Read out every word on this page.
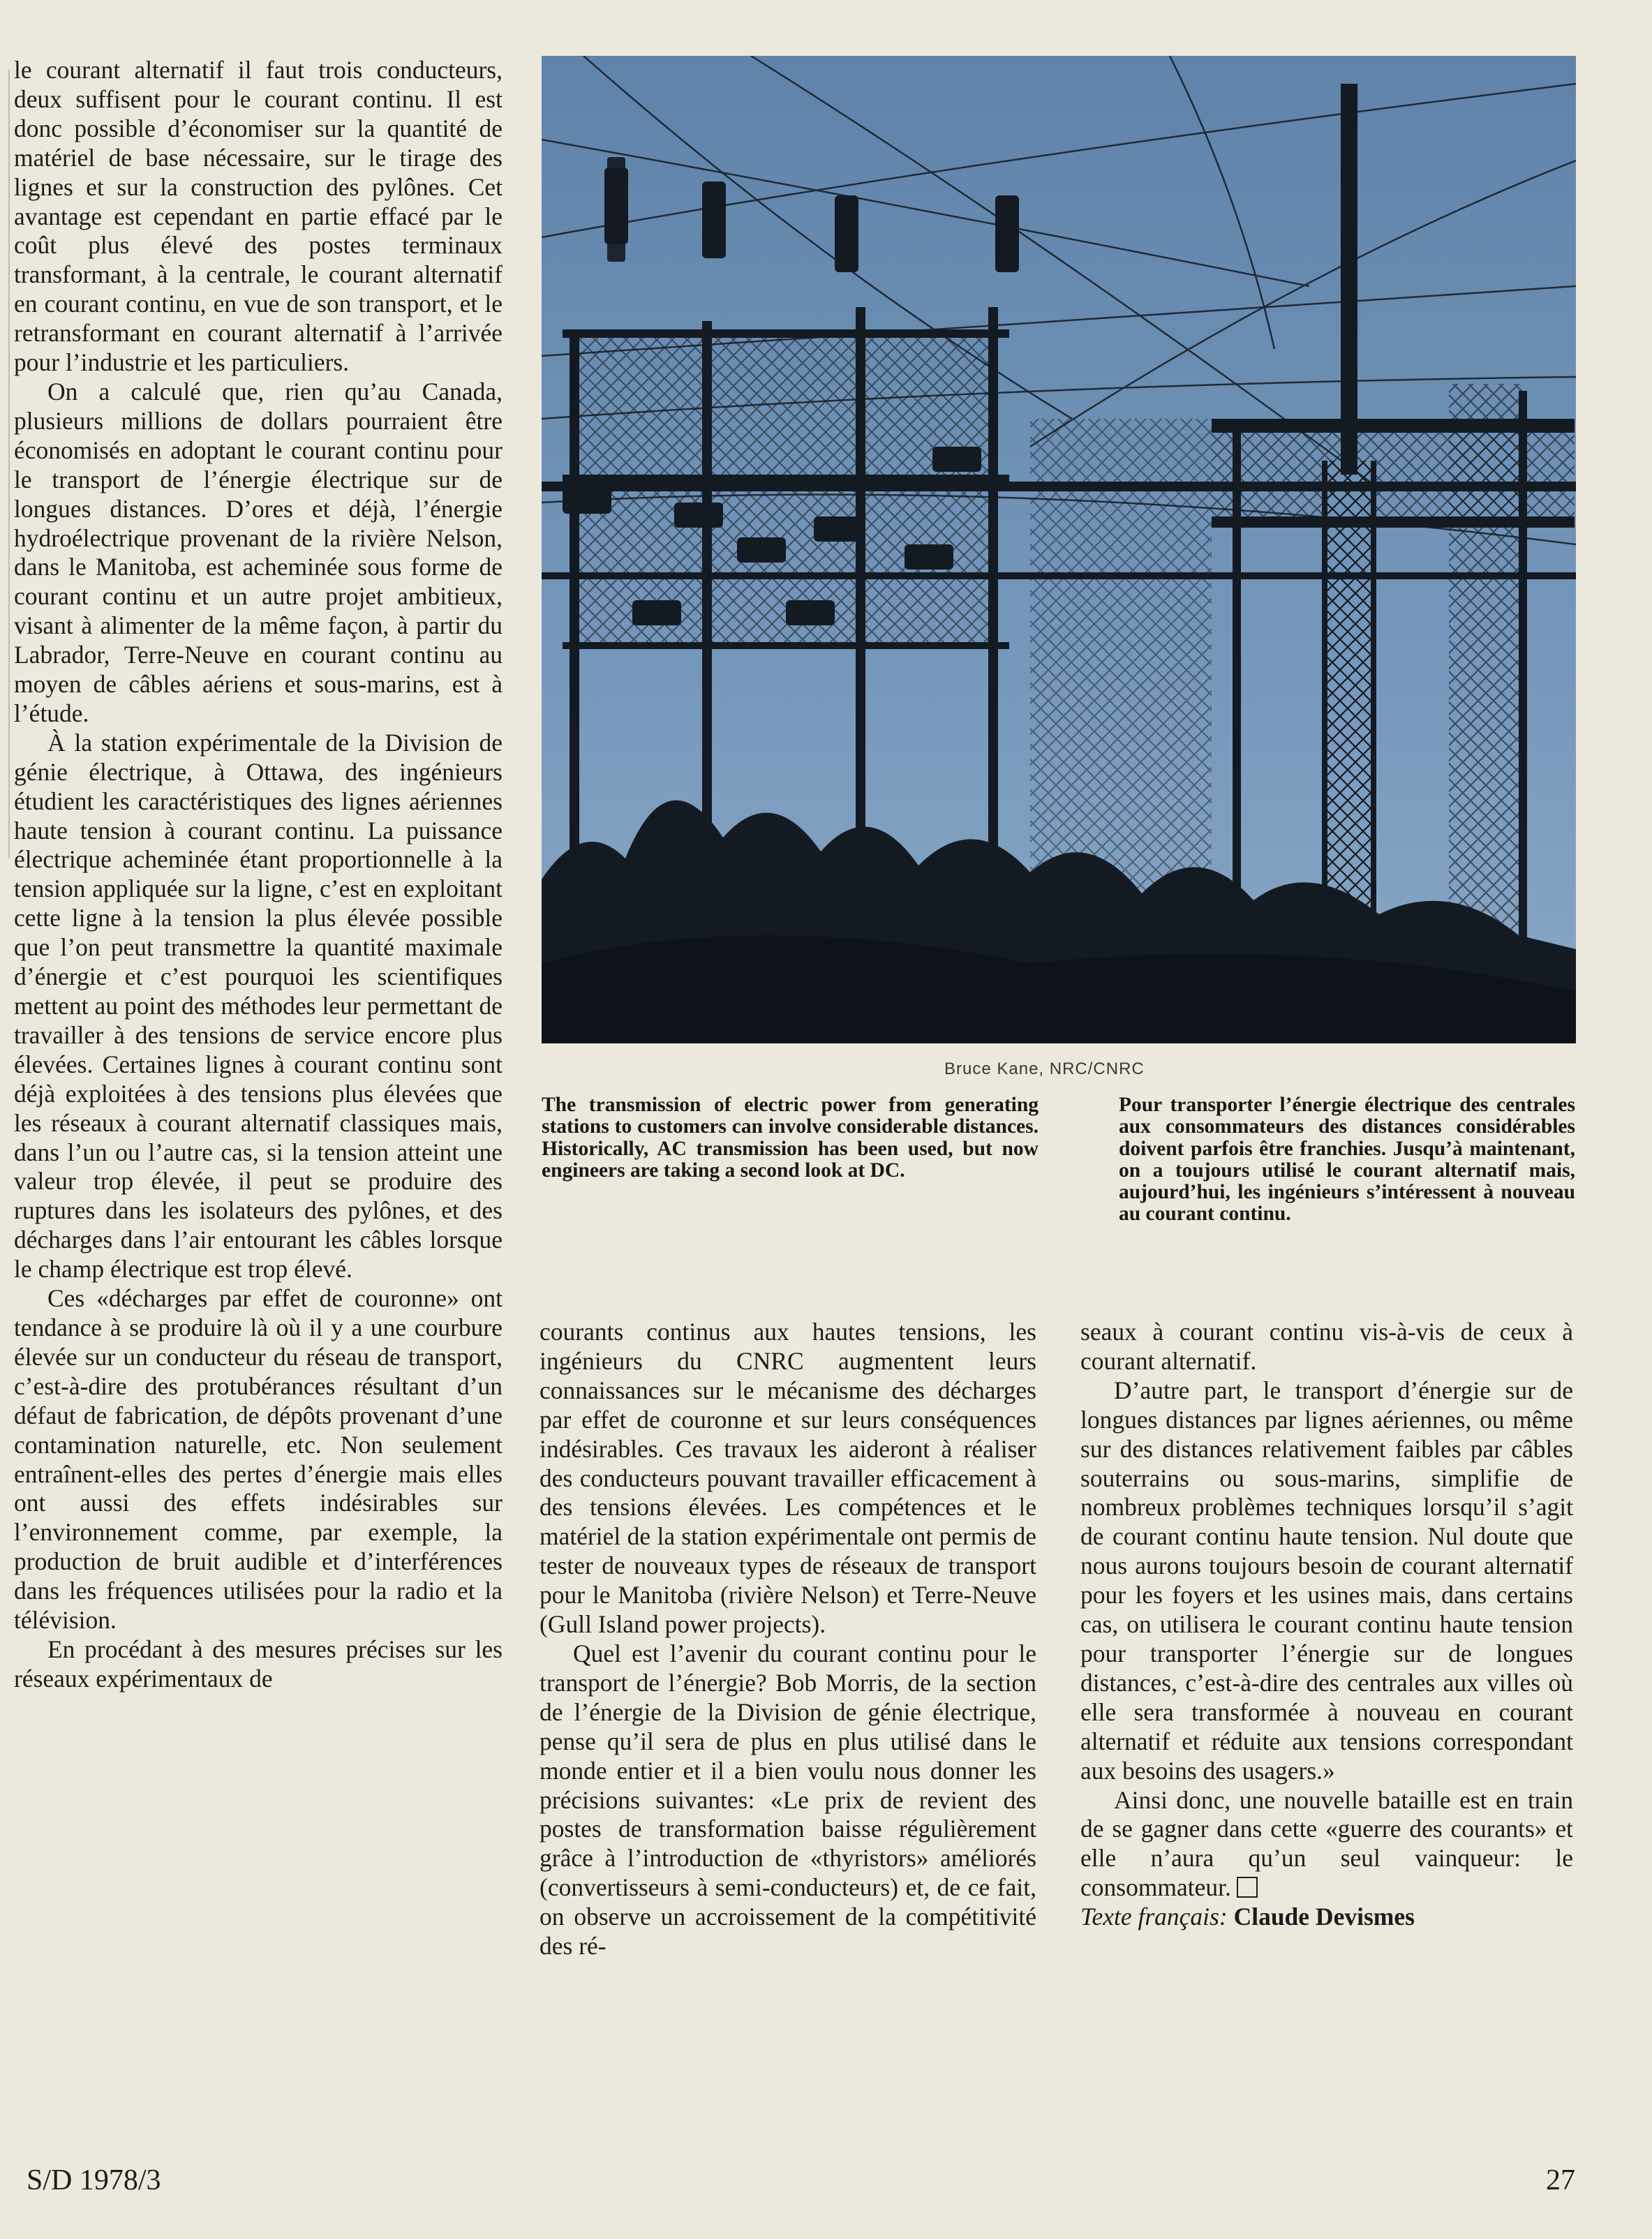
le courant alternatif il faut trois conducteurs, deux suffisent pour le courant continu. Il est donc possible d’économiser sur la quantité de matériel de base nécessaire, sur le tirage des lignes et sur la construction des pylônes. Cet avantage est cependant en partie effacé par le coût plus élevé des postes terminaux transformant, à la centrale, le courant alternatif en courant continu, en vue de son transport, et le retransformant en courant alternatif à l’arrivée pour l’industrie et les particuliers.

On a calculé que, rien qu’au Canada, plusieurs millions de dollars pourraient être économisés en adoptant le courant continu pour le transport de l’énergie électrique sur de longues distances. D’ores et déjà, l’énergie hydroélectrique provenant de la rivière Nelson, dans le Manitoba, est acheminée sous forme de courant continu et un autre projet ambitieux, visant à alimenter de la même façon, à partir du Labrador, Terre-Neuve en courant continu au moyen de câbles aériens et sous-marins, est à l’étude.

À la station expérimentale de la Division de génie électrique, à Ottawa, des ingénieurs étudient les caractéristiques des lignes aériennes haute tension à courant continu. La puissance électrique acheminée étant proportionnelle à la tension appliquée sur la ligne, c’est en exploitant cette ligne à la tension la plus élevée possible que l’on peut transmettre la quantité maximale d’énergie et c’est pourquoi les scientifiques mettent au point des méthodes leur permettant de travailler à des tensions de service encore plus élevées. Certaines lignes à courant continu sont déjà exploitées à des tensions plus élevées que les réseaux à courant alternatif classiques mais, dans l’un ou l’autre cas, si la tension atteint une valeur trop élevée, il peut se produire des ruptures dans les isolateurs des pylônes, et des décharges dans l’air entourant les câbles lorsque le champ électrique est trop élevé.

Ces «décharges par effet de couronne» ont tendance à se produire là où il y a une courbure élevée sur un conducteur du réseau de transport, c’est-à-dire des protubérances résultant d’un défaut de fabrication, de dépôts provenant d’une contamination naturelle, etc. Non seulement entraînent-elles des pertes d’énergie mais elles ont aussi des effets indésirables sur l’environnement comme, par exemple, la production de bruit audible et d’interférences dans les fréquences utilisées pour la radio et la télévision.

En procédant à des mesures précises sur les réseaux expérimentaux de

Bruce Kane, NRC/CNRC
The transmission of electric power from generating stations to customers can involve considerable distances. Historically, AC transmission has been used, but now engineers are taking a second look at DC.
Pour transporter l’énergie électrique des centrales aux consommateurs des distances considérables doivent parfois être franchies. Jusqu’à maintenant, on a toujours utilisé le courant alternatif mais, aujourd’hui, les ingénieurs s’intéressent à nouveau au courant continu.

courants continus aux hautes tensions, les ingénieurs du CNRC augmentent leurs connaissances sur le mécanisme des décharges par effet de couronne et sur leurs conséquences indésirables. Ces travaux les aideront à réaliser des conducteurs pouvant travailler efficacement à des tensions élevées. Les compétences et le matériel de la station expérimentale ont permis de tester de nouveaux types de réseaux de transport pour le Manitoba (rivière Nelson) et Terre-Neuve (Gull Island power projects).

Quel est l’avenir du courant continu pour le transport de l’énergie? Bob Morris, de la section de l’énergie de la Division de génie électrique, pense qu’il sera de plus en plus utilisé dans le monde entier et il a bien voulu nous donner les précisions suivantes: «Le prix de revient des postes de transformation baisse régulièrement grâce à l’introduction de «thyristors» améliorés (convertisseurs à semi-conducteurs) et, de ce fait, on observe un accroissement de la compétitivité des ré-

seaux à courant continu vis-à-vis de ceux à courant alternatif.

D’autre part, le transport d’énergie sur de longues distances par lignes aériennes, ou même sur des distances relativement faibles par câbles souterrains ou sous-marins, simplifie de nombreux problèmes techniques lorsqu’il s’agit de courant continu haute tension. Nul doute que nous aurons toujours besoin de courant alternatif pour les foyers et les usines mais, dans certains cas, on utilisera le courant continu haute tension pour transporter l’énergie sur de longues distances, c’est-à-dire des centrales aux villes où elle sera transformée à nouveau en courant alternatif et réduite aux tensions correspondant aux besoins des usagers.»

Ainsi donc, une nouvelle bataille est en train de se gagner dans cette «guerre des courants» et elle n’aura qu’un seul vainqueur: le consommateur.

Texte français: Claude Devismes

S/D 1978/3	27
